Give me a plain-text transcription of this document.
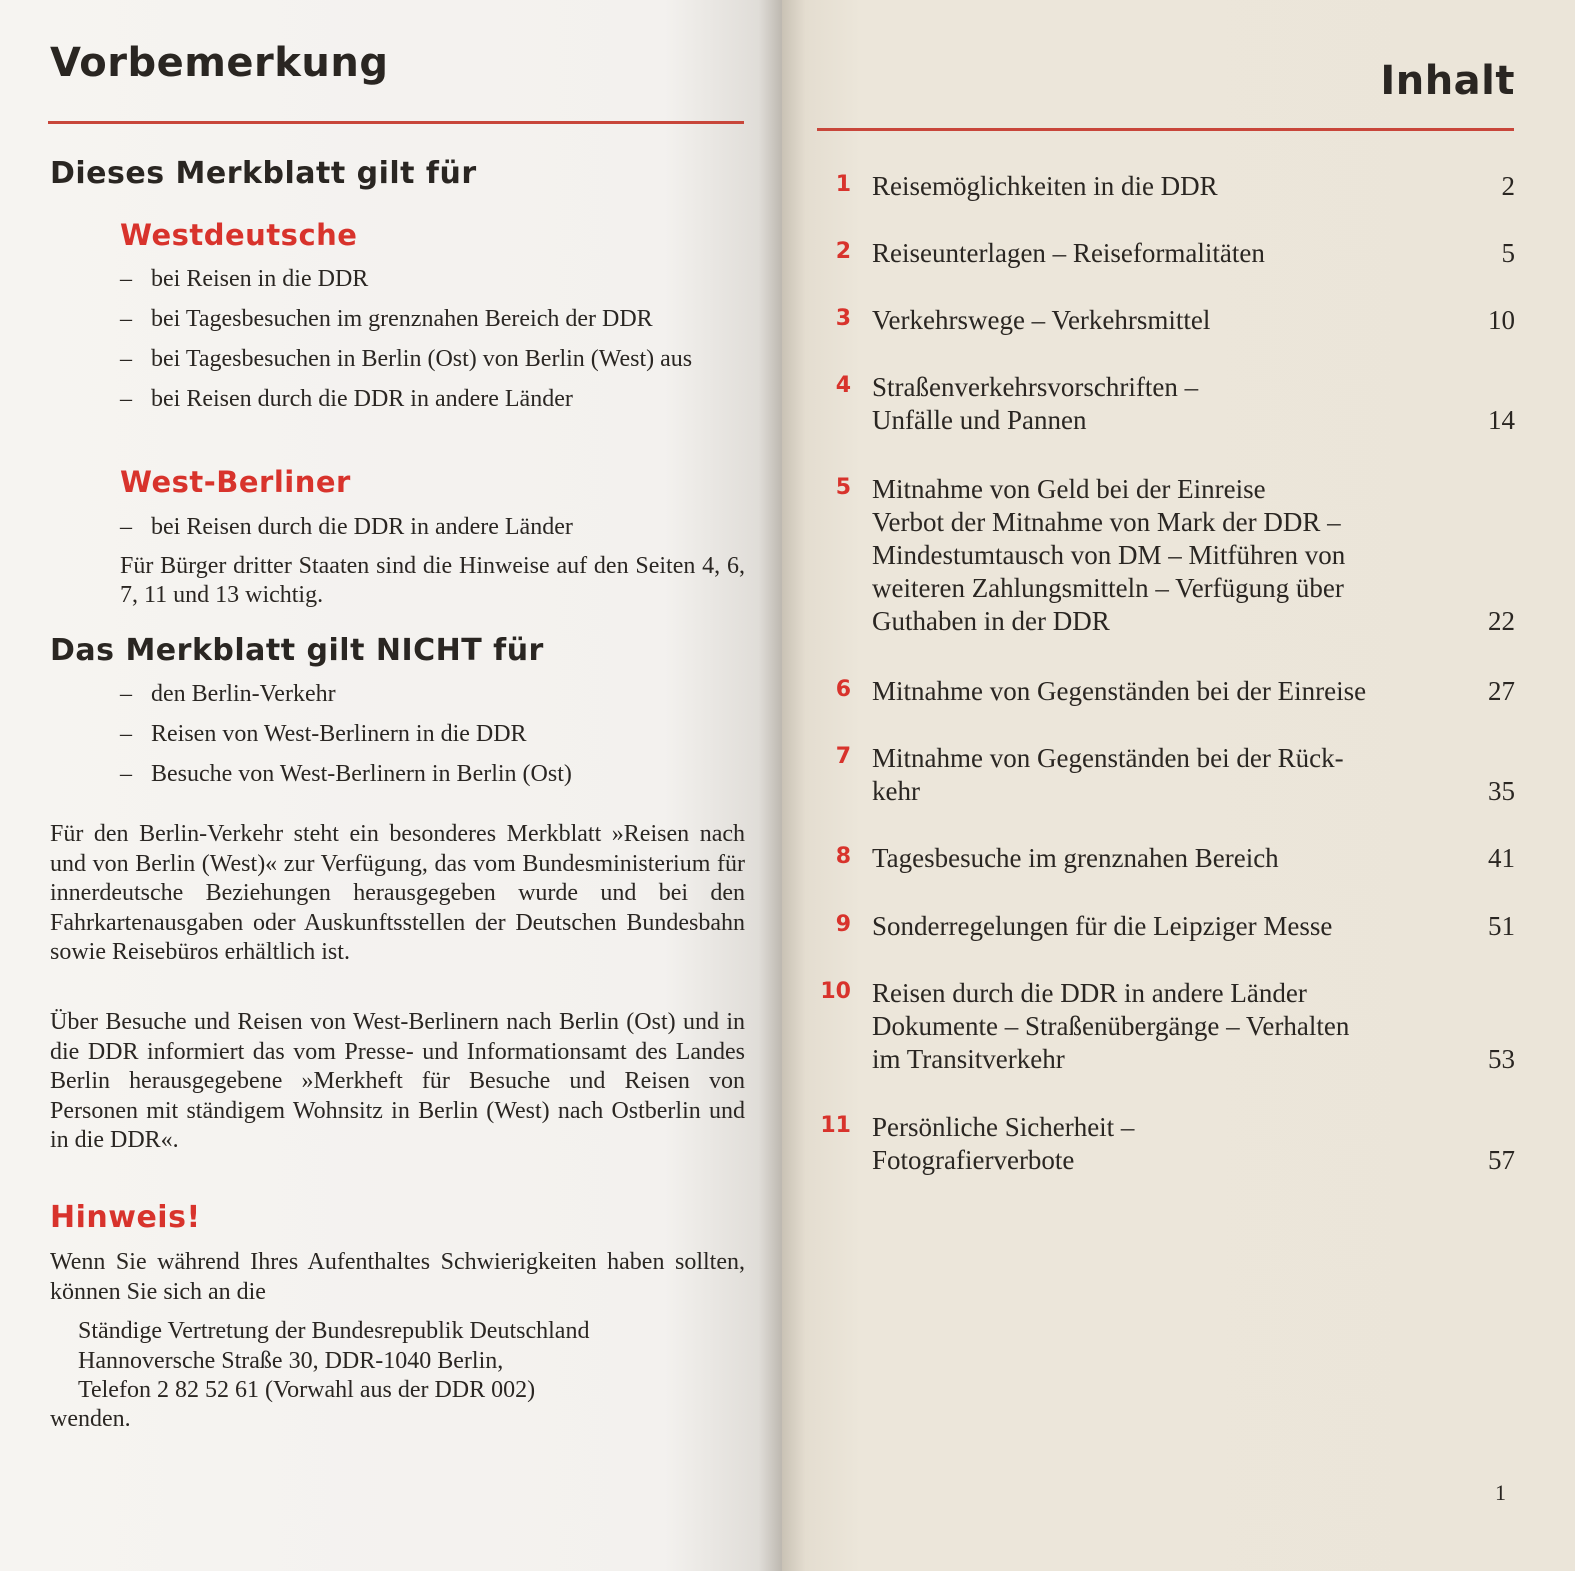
Vorbemerkung
Dieses Merkblatt gilt für
Westdeutsche
– bei Reisen in die DDR
– bei Tagesbesuchen im grenznahen Bereich der DDR
– bei Tagesbesuchen in Berlin (Ost) von Berlin (West) aus
– bei Reisen durch die DDR in andere Länder
West-Berliner
– bei Reisen durch die DDR in andere Länder
Für Bürger dritter Staaten sind die Hinweise auf den Seiten 4, 6, 7, 11 und 13 wichtig.
Das Merkblatt gilt NICHT für
– den Berlin-Verkehr
– Reisen von West-Berlinern in die DDR
– Besuche von West-Berlinern in Berlin (Ost)

Für den Berlin-Verkehr steht ein besonderes Merkblatt »Reisen nach und von Berlin (West)« zur Verfügung, das vom Bundesministerium für innerdeutsche Beziehungen herausgegeben wurde und bei den Fahrkartenausgaben oder Auskunftsstellen der Deutschen Bundesbahn sowie Reisebüros erhältlich ist.

Über Besuche und Reisen von West-Berlinern nach Berlin (Ost) und in die DDR informiert das vom Presse- und Informationsamt des Landes Berlin herausgegebene »Merkheft für Besuche und Reisen von Personen mit ständigem Wohnsitz in Berlin (West) nach Ostberlin und in die DDR«.

Hinweis!

Wenn Sie während Ihres Aufenthaltes Schwierigkeiten haben sollten, können Sie sich an die

Ständige Vertretung der Bundesrepublik Deutschland
Hannoversche Straße 30, DDR-1040 Berlin,
Telefon 2 82 52 61 (Vorwahl aus der DDR 002)
wenden.
Inhalt
1 Reisemöglichkeiten in die DDR	2
2 Reiseunterlagen – Reiseformalitäten	5
3 Verkehrswege – Verkehrsmittel	10
4 Straßenverkehrsvorschriften –
Unfälle und Pannen	14
5 Mitnahme von Geld bei der Einreise
Verbot der Mitnahme von Mark der DDR –
Mindestumtausch von DM – Mitführen von
weiteren Zahlungsmitteln – Verfügung über
Guthaben in der DDR	22
6 Mitnahme von Gegenständen bei der Einreise	27
7 Mitnahme von Gegenständen bei der Rück-
kehr	35
8 Tagesbesuche im grenznahen Bereich	41
9 Sonderregelungen für die Leipziger Messe	51
10 Reisen durch die DDR in andere Länder
Dokumente – Straßenübergänge – Verhalten
im Transitverkehr	53
11 Persönliche Sicherheit –
Fotografierverbote	57
1
